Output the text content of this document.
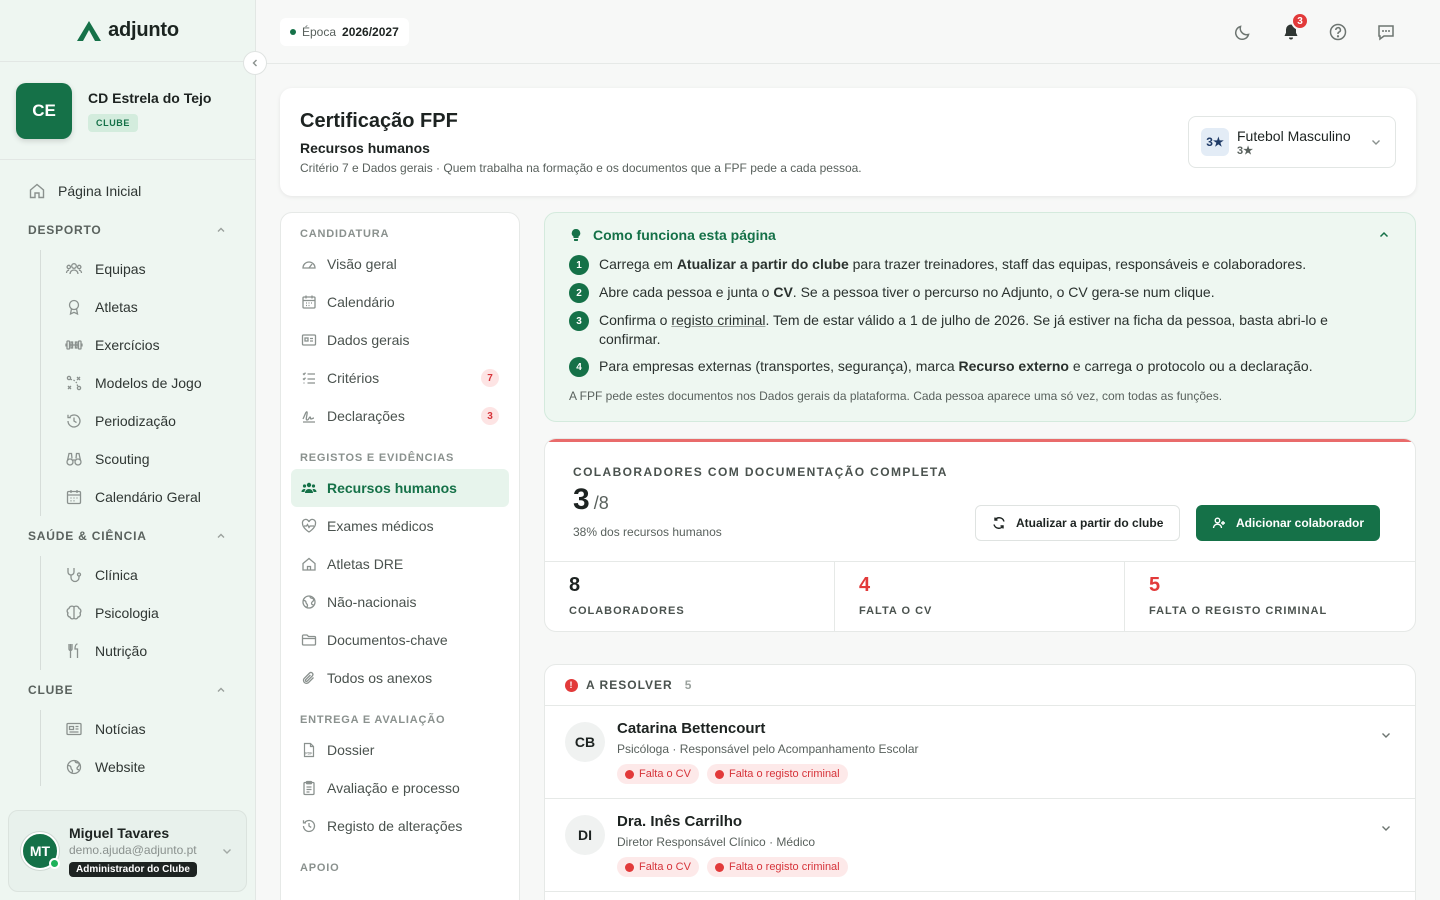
adjunto
CE
CD Estrela do Tejo
CLUBE
Página Inicial
DESPORTO
Equipas
Atletas
Exercícios
Modelos de Jogo
Periodização
Scouting
Calendário Geral
SAÚDE & CIÊNCIA
Clínica
Psicologia
Nutrição
CLUBE
Notícias
Website
MT
Miguel Tavares
demo.ajuda@adjunto.pt
Administrador do Clube
Época 2026/2027
3
Certificação FPF
Recursos humanos
Critério 7 e Dados gerais · Quem trabalha na formação e os documentos que a FPF pede a cada pessoa.
3★ Futebol Masculino
3★
CANDIDATURA
Visão geral
Calendário
Dados gerais
Critérios	7
Declarações	3
REGISTOS E EVIDÊNCIAS
Recursos humanos
Exames médicos
Atletas DRE
Não-nacionais
Documentos-chave
Todos os anexos
ENTREGA E AVALIAÇÃO
PDF Dossier
Avaliação e processo
Registo de alterações
APOIO
Como funciona esta página
1	Carrega em Atualizar a partir do clube para trazer treinadores, staff das equipas, responsáveis e colaboradores.
2	Abre cada pessoa e junta o CV. Se a pessoa tiver o percurso no Adjunto, o CV gera-se num clique.
3	Confirma o registo criminal. Tem de estar válido a 1 de julho de 2026. Se já estiver na ficha da pessoa, basta abri-lo e confirmar.
4	Para empresas externas (transportes, segurança), marca Recurso externo e carrega o protocolo ou a declaração.
A FPF pede estes documentos nos Dados gerais da plataforma. Cada pessoa aparece uma só vez, com todas as funções.
COLABORADORES COM DOCUMENTAÇÃO COMPLETA
3 /8
38% dos recursos humanos
Atualizar a partir do clube	Adicionar colaborador
8
COLABORADORES
4
FALTA O CV
5
FALTA O REGISTO CRIMINAL
!	A RESOLVER 5
CB
Catarina Bettencourt
Psicóloga · Responsável pelo Acompanhamento Escolar
Falta o CV	Falta o registo criminal
DI
Dra. Inês Carrilho
Diretor Responsável Clínico · Médico
Falta o CV	Falta o registo criminal
